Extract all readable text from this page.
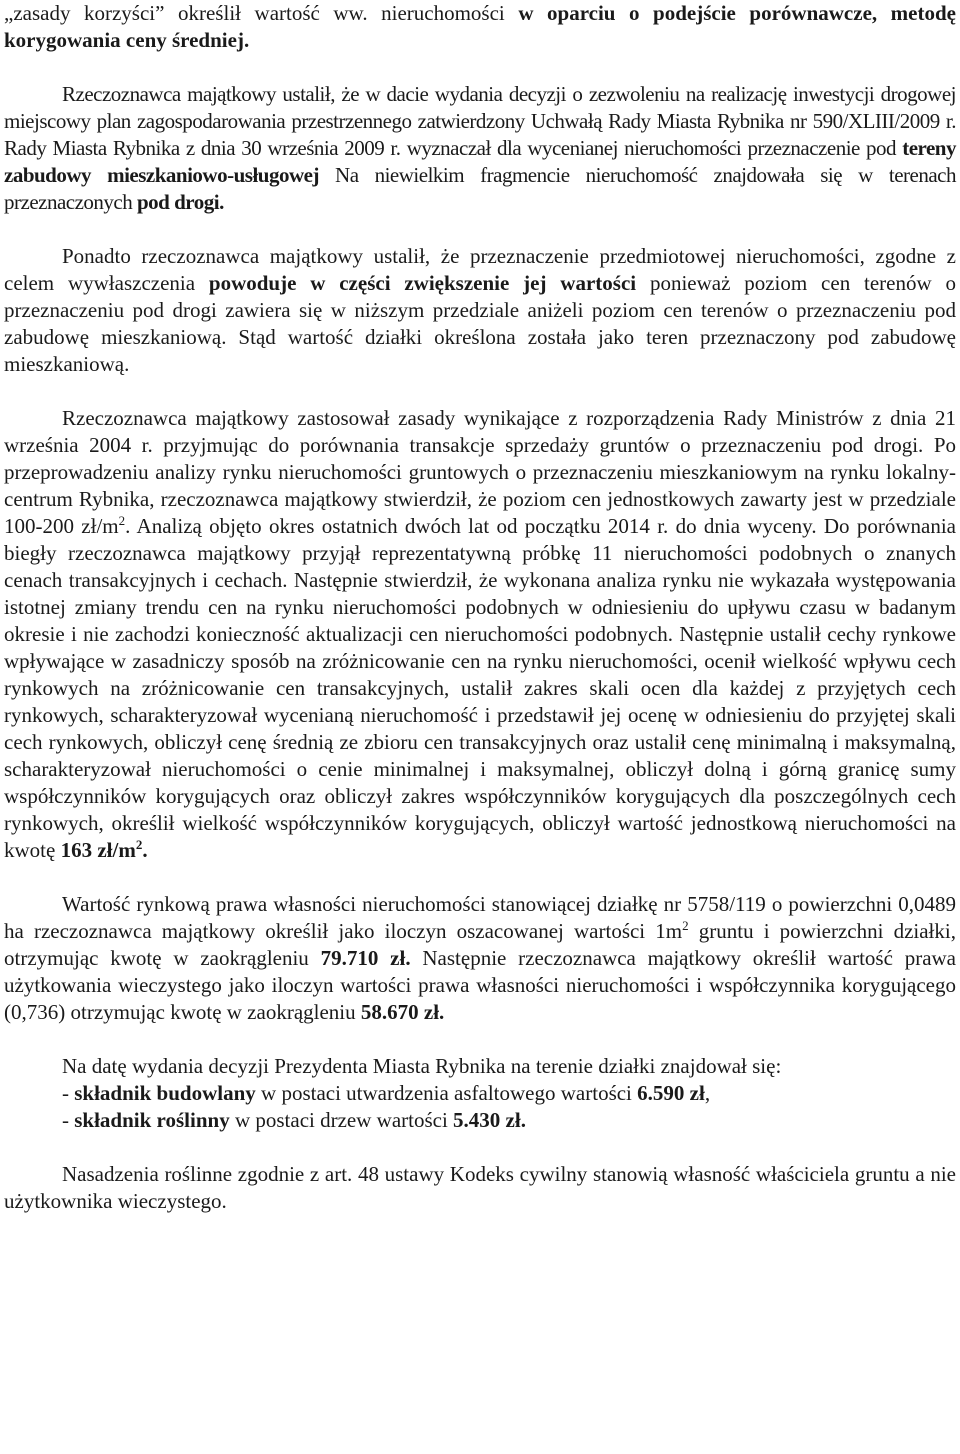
„zasady korzyści” określił wartość ww. nieruchomości w oparciu o podejście porównawcze, metodę korygowania ceny średniej.

Rzeczoznawca majątkowy ustalił, że w dacie wydania decyzji o zezwoleniu na realizację inwestycji drogowej miejscowy plan zagospodarowania przestrzennego zatwierdzony Uchwałą Rady Miasta Rybnika nr 590/XLIII/2009 r. Rady Miasta Rybnika z dnia 30 września 2009 r. wyznaczał dla wycenianej nieruchomości przeznaczenie pod tereny zabudowy mieszkaniowo-usługowej Na niewielkim fragmencie nieruchomość znajdowała się w terenach przeznaczonych pod drogi.

Ponadto rzeczoznawca majątkowy ustalił, że przeznaczenie przedmiotowej nieruchomości, zgodne z celem wywłaszczenia powoduje w części zwiększenie jej wartości ponieważ poziom cen terenów o przeznaczeniu pod drogi zawiera się w niższym przedziale aniżeli poziom cen terenów o przeznaczeniu pod zabudowę mieszkaniową. Stąd wartość działki określona została jako teren przeznaczony pod zabudowę mieszkaniową.

Rzeczoznawca majątkowy zastosował zasady wynikające z rozporządzenia Rady Ministrów z dnia 21 września 2004 r. przyjmując do porównania transakcje sprzedaży gruntów o przeznaczeniu pod drogi. Po przeprowadzeniu analizy rynku nieruchomości gruntowych o przeznaczeniu mieszkaniowym na rynku lokalny- centrum Rybnika, rzeczoznawca majątkowy stwierdził, że poziom cen jednostkowych zawarty jest w przedziale 100-200 $zł/m^2$. Analizą objęto okres ostatnich dwóch lat od początku 2014 r. do dnia wyceny. Do porównania biegły rzeczoznawca majątkowy przyjął reprezentatywną próbkę 11 nieruchomości podobnych o znanych cenach transakcyjnych i cechach. Następnie stwierdził, że wykonana analiza rynku nie wykazała występowania istotnej zmiany trendu cen na rynku nieruchomości podobnych w odniesieniu do upływu czasu w badanym okresie i nie zachodzi konieczność aktualizacji cen nieruchomości podobnych. Następnie ustalił cechy rynkowe wpływające w zasadniczy sposób na zróżnicowanie cen na rynku nieruchomości, ocenił wielkość wpływu cech rynkowych na zróżnicowanie cen transakcyjnych, ustalił zakres skali ocen dla każdej z przyjętych cech rynkowych, scharakteryzował wycenianą nieruchomość i przedstawił jej ocenę w odniesieniu do przyjętej skali cech rynkowych, obliczył cenę średnią ze zbioru cen transakcyjnych oraz ustalił cenę minimalną i maksymalną, scharakteryzował nieruchomości o cenie minimalnej i maksymalnej, obliczył dolną i górną granicę sumy współczynników korygujących oraz obliczył zakres współczynników korygujących dla poszczególnych cech rynkowych, określił wielkość współczynników korygujących, obliczył wartość jednostkową nieruchomości na kwotę 163 $zł/m^2$.

Wartość rynkową prawa własności nieruchomości stanowiącej działkę nr 5758/119 o powierzchni 0,0489 ha rzeczoznawca majątkowy określił jako iloczyn oszacowanej wartości $1m^2$ gruntu i powierzchni działki, otrzymując kwotę w zaokrągleniu 79.710 zł. Następnie rzeczoznawca majątkowy określił wartość prawa użytkowania wieczystego jako iloczyn wartości prawa własności nieruchomości i współczynnika korygującego (0,736) otrzymując kwotę w zaokrągleniu 58.670 zł.

Na datę wydania decyzji Prezydenta Miasta Rybnika na terenie działki znajdował się:
- składnik budowlany w postaci utwardzenia asfaltowego wartości 6.590 zł,
- składnik roślinny w postaci drzew wartości 5.430 zł.

Nasadzenia roślinne zgodnie z art. 48 ustawy Kodeks cywilny stanowią własność właściciela gruntu a nie użytkownika wieczystego.
